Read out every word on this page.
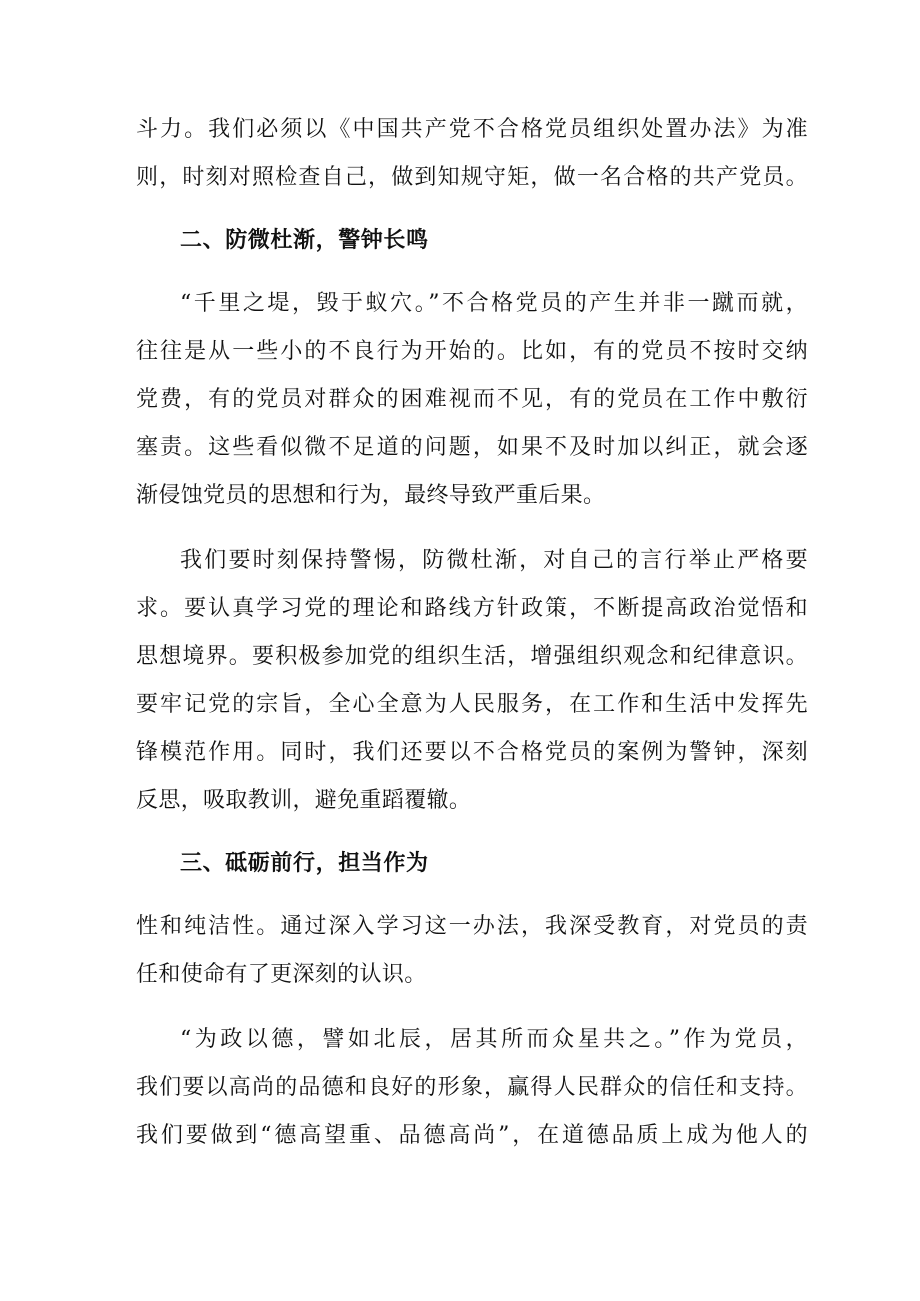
斗力。我们必须以《中国共产党不合格党员组织处置办法》为准
则，时刻对照检查自己，做到知规守矩，做一名合格的共产党员。
二、防微杜渐，警钟长鸣
“千里之堤，毁于蚁穴。”不合格党员的产生并非一蹴而就，
往往是从一些小的不良行为开始的。比如，有的党员不按时交纳
党费，有的党员对群众的困难视而不见，有的党员在工作中敷衍
塞责。这些看似微不足道的问题，如果不及时加以纠正，就会逐
渐侵蚀党员的思想和行为，最终导致严重后果。
我们要时刻保持警惕，防微杜渐，对自己的言行举止严格要
求。要认真学习党的理论和路线方针政策，不断提高政治觉悟和
思想境界。要积极参加党的组织生活，增强组织观念和纪律意识。
要牢记党的宗旨，全心全意为人民服务，在工作和生活中发挥先
锋模范作用。同时，我们还要以不合格党员的案例为警钟，深刻
反思，吸取教训，避免重蹈覆辙。
三、砥砺前行，担当作为
性和纯洁性。通过深入学习这一办法，我深受教育，对党员的责
任和使命有了更深刻的认识。
“为政以德，譬如北辰，居其所而众星共之。”作为党员，
我们要以高尚的品德和良好的形象，赢得人民群众的信任和支持。
我们要做到“德高望重、品德高尚”，在道德品质上成为他人的
